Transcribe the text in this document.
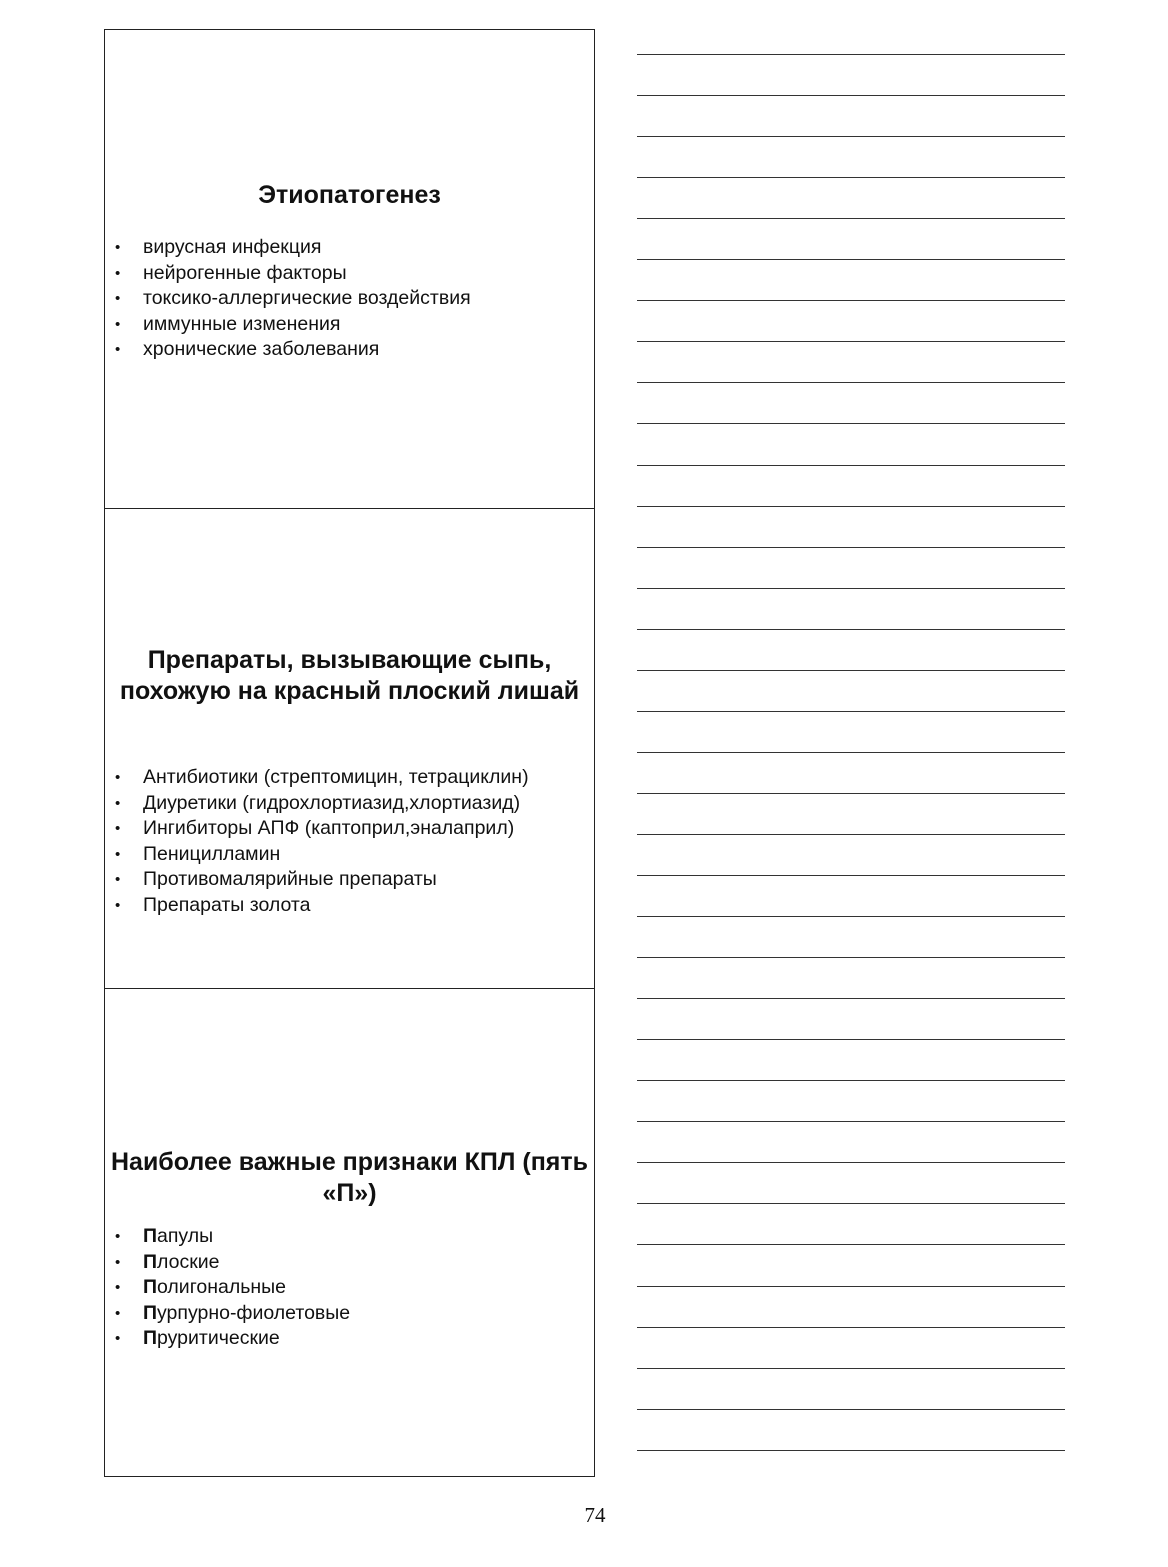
Этиопатогенез
• вирусная инфекция
• нейрогенные факторы
• токсико-аллергические воздействия
• иммунные изменения
• хронические заболевания
Препараты, вызывающие сыпь, похожую на красный плоский лишай
• Антибиотики (стрептомицин, тетрациклин)
• Диуретики (гидрохлортиазид,хлортиазид)
• Ингибиторы АПФ (каптоприл,эналаприл)
• Пеницилламин
• Противомалярийные препараты
• Препараты золота
Наиболее важные признаки КПЛ (пять «П»)
• Папулы
• Плоские
• Полигональные
• Пурпурно-фиолетовые
• Пруритические
74
